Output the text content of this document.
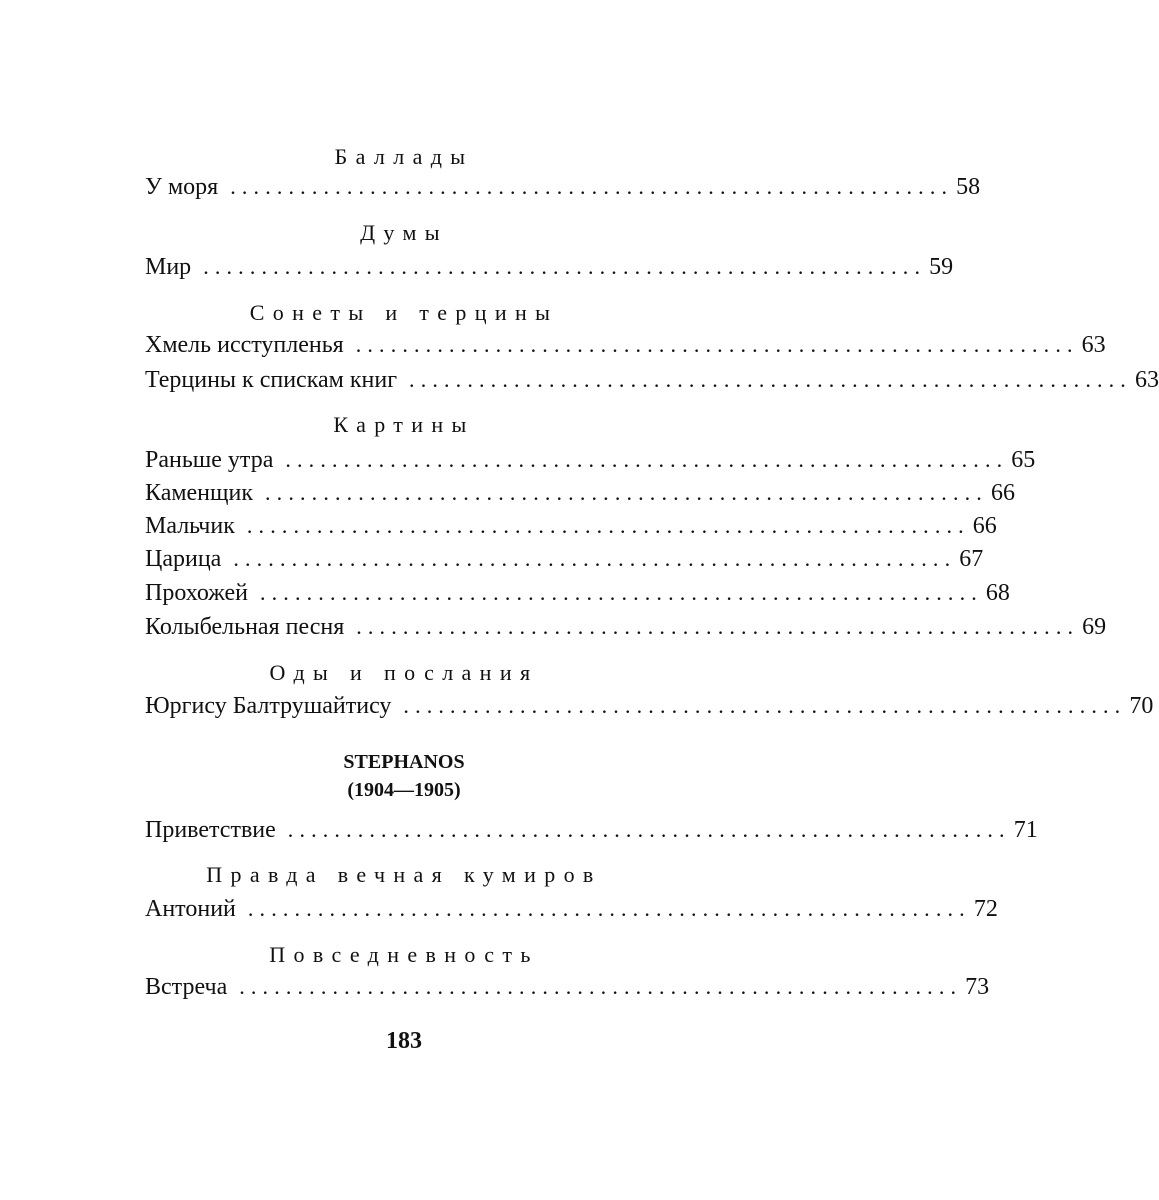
Баллады
У моря .............................................................. 58
Думы
Мир .............................................................. 59
Сонеты и терцины
Хмель исступленья .............................................................. 63
Терцины к спискам книг .............................................................. 63
Картины
Раньше утра .............................................................. 65
Каменщик .............................................................. 66
Мальчик .............................................................. 66
Царица .............................................................. 67
Прохожей .............................................................. 68
Колыбельная песня .............................................................. 69
Оды и послания
Юргису Балтрушайтису .............................................................. 70
STEPHANOS
(1904—1905)
Приветствие .............................................................. 71
Правда вечная кумиров
Антоний .............................................................. 72
Повседневность
Встреча .............................................................. 73
183
